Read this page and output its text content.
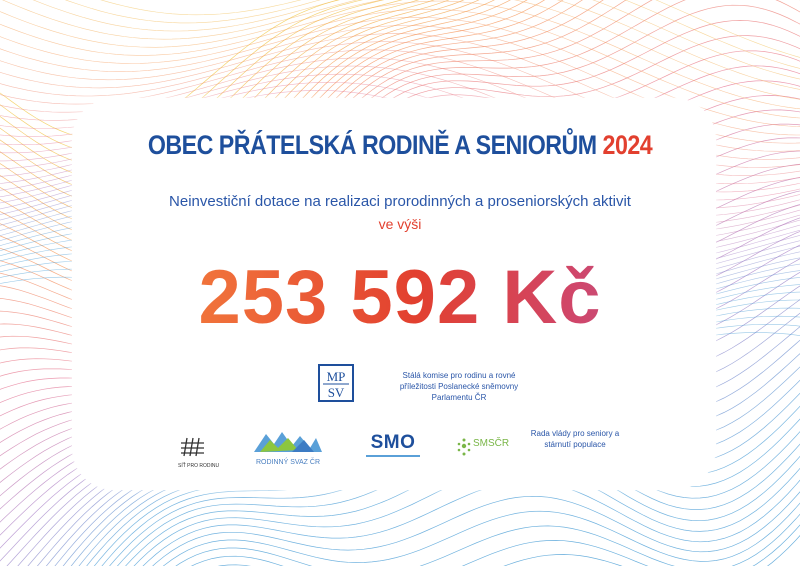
OBEC PŘÁTELSKÁ RODINĚ A SENIORŮM 2024
Neinvestiční dotace na realizaci prorodinných a proseniorských aktivit
ve výši
253 592 Kč
MP
SV
Stálá komise pro rodinu a rovné příležitosti Poslanecké sněmovny Parlamentu ČR
SÍŤ PRO RODINU	RODINNÝ SVAZ ČR
SMO	SMSČR
Rada vlády pro seniory a stárnutí populace
